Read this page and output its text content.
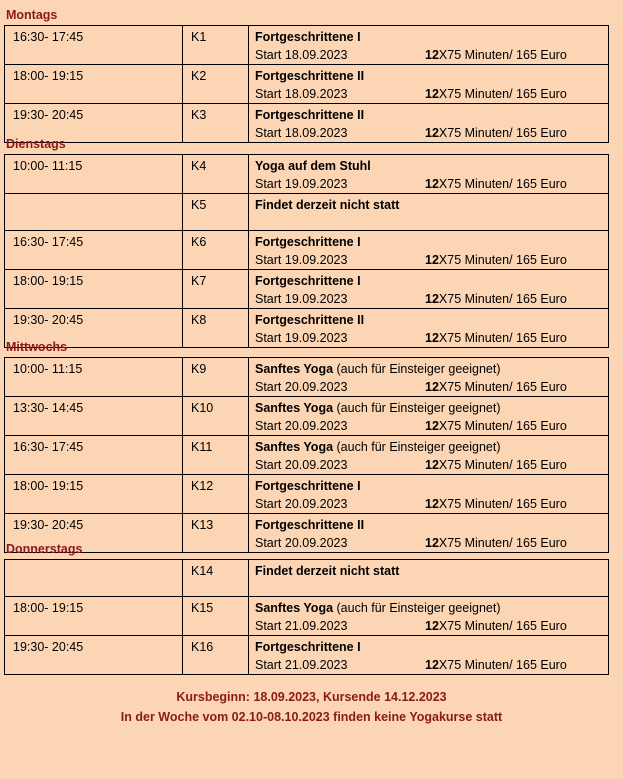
Montags
16:30- 17:45	K1	Fortgeschrittene I
Start 18.09.2023 12X75 Minuten/ 165 Euro

18:00- 19:15	K2	Fortgeschrittene II
Start 18.09.2023 12X75 Minuten/ 165 Euro

19:30- 20:45	K3	Fortgeschrittene II
Start 18.09.2023 12X75 Minuten/ 165 Euro
Dienstags
10:00- 11:15	K4	Yoga auf dem Stuhl
Start 19.09.2023 12X75 Minuten/ 165 Euro

	K5	Findet derzeit nicht statt

16:30- 17:45	K6	Fortgeschrittene I
Start 19.09.2023 12X75 Minuten/ 165 Euro

18:00- 19:15	K7	Fortgeschrittene I
Start 19.09.2023 12X75 Minuten/ 165 Euro

19:30- 20:45	K8	Fortgeschrittene II
Start 19.09.2023 12X75 Minuten/ 165 Euro
Mittwochs
10:00- 11:15	K9	Sanftes Yoga (auch für Einsteiger geeignet)
Start 20.09.2023 12X75 Minuten/ 165 Euro

13:30- 14:45	K10	Sanftes Yoga (auch für Einsteiger geeignet)
Start 20.09.2023 12X75 Minuten/ 165 Euro

16:30- 17:45	K11	Sanftes Yoga (auch für Einsteiger geeignet)
Start 20.09.2023 12X75 Minuten/ 165 Euro

18:00- 19:15	K12	Fortgeschrittene I
Start 20.09.2023 12X75 Minuten/ 165 Euro

19:30- 20:45	K13	Fortgeschrittene II
Start 20.09.2023 12X75 Minuten/ 165 Euro
Donnerstags
	K14	Findet derzeit nicht statt

18:00- 19:15	K15	Sanftes Yoga (auch für Einsteiger geeignet)
Start 21.09.2023 12X75 Minuten/ 165 Euro

19:30- 20:45	K16	Fortgeschrittene I
Start 21.09.2023 12X75 Minuten/ 165 Euro
Kursbeginn: 18.09.2023, Kursende 14.12.2023
In der Woche vom 02.10-08.10.2023 finden keine Yogakurse statt
